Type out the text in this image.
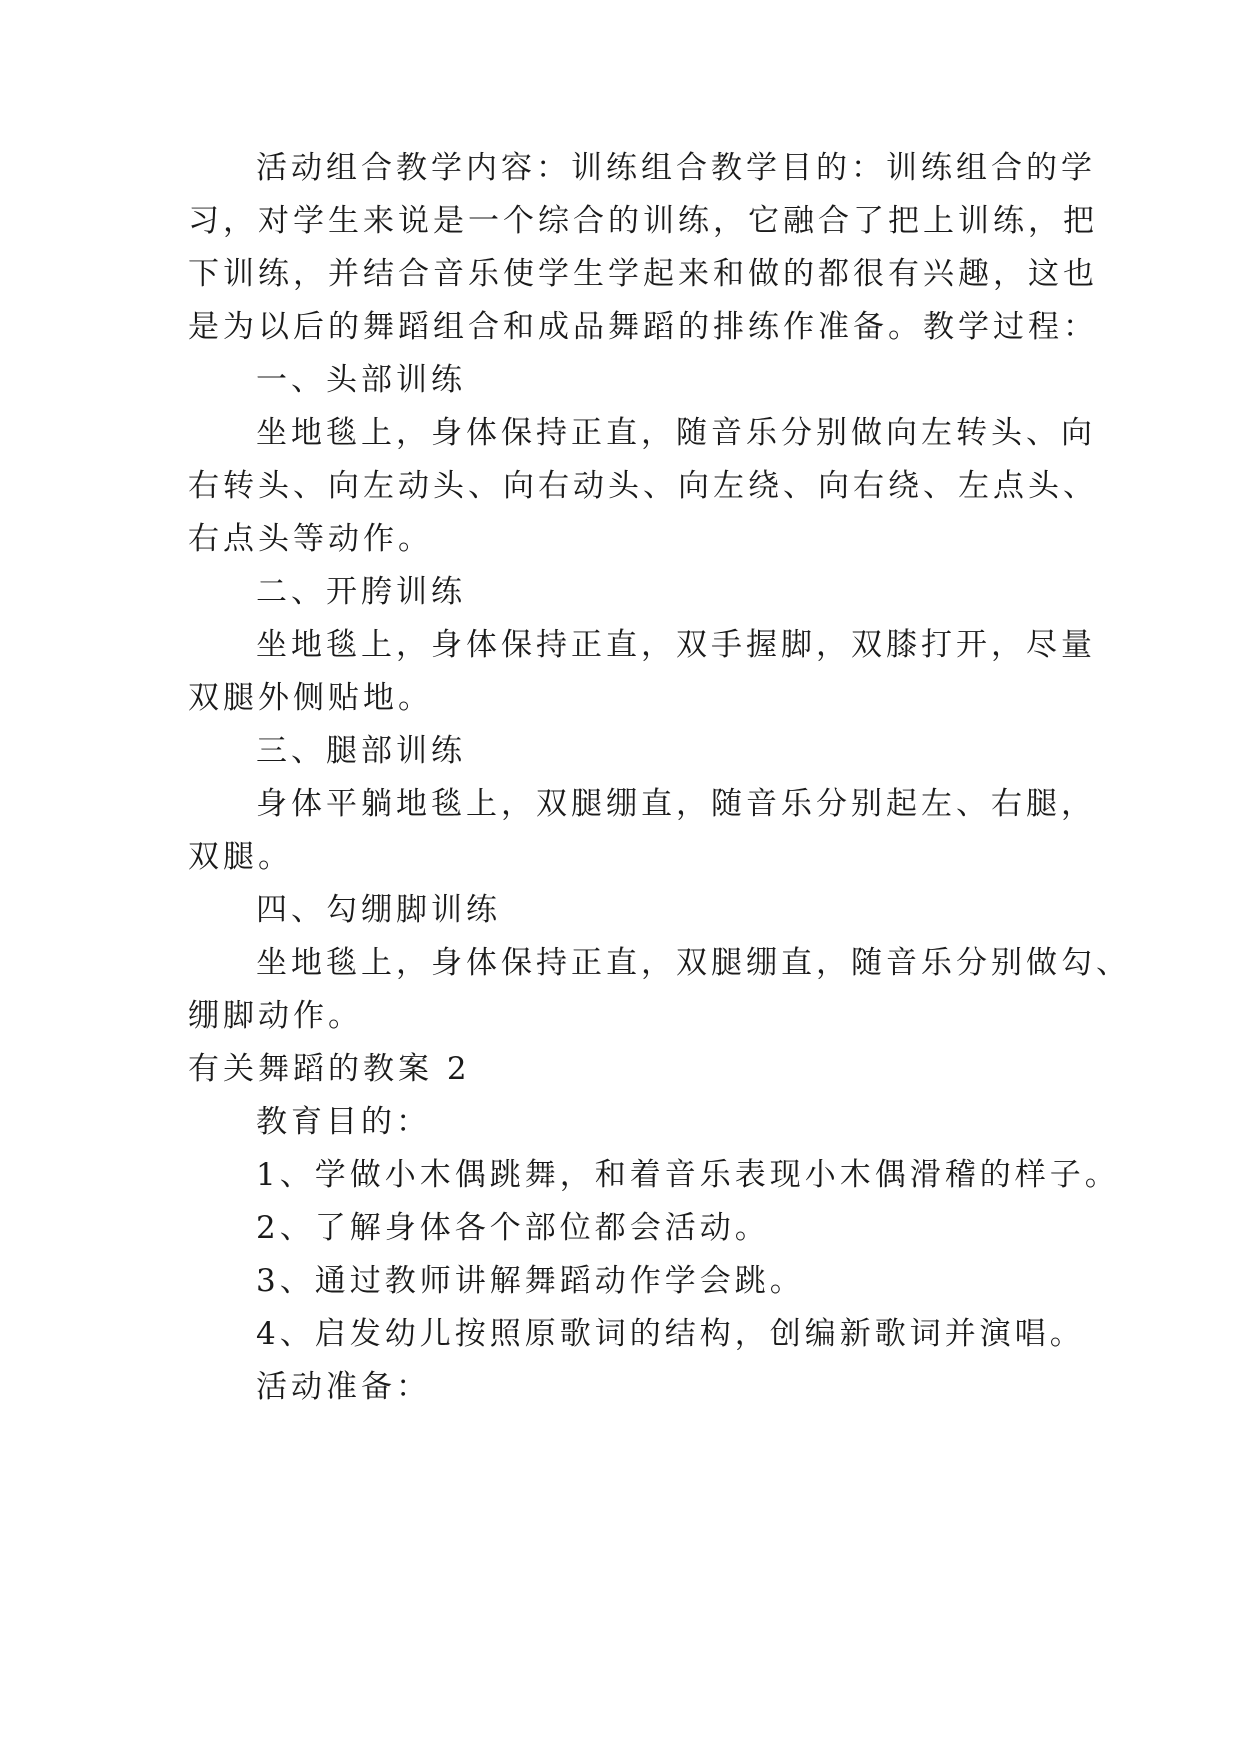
活动组合教学内容：训练组合教学目的：训练组合的学
习，对学生来说是一个综合的训练，它融合了把上训练，把
下训练，并结合音乐使学生学起来和做的都很有兴趣，这也
是为以后的舞蹈组合和成品舞蹈的排练作准备。教学过程：
一、头部训练
坐地毯上，身体保持正直，随音乐分别做向左转头、向
右转头、向左动头、向右动头、向左绕、向右绕、左点头、
右点头等动作。
二、开胯训练
坐地毯上，身体保持正直，双手握脚，双膝打开，尽量
双腿外侧贴地。
三、腿部训练
身体平躺地毯上，双腿绷直，随音乐分别起左、右腿，
双腿。
四、勾绷脚训练
坐地毯上，身体保持正直，双腿绷直，随音乐分别做勾、
绷脚动作。
有关舞蹈的教案 2
教育目的：
1、学做小木偶跳舞，和着音乐表现小木偶滑稽的样子。
2、了解身体各个部位都会活动。
3、通过教师讲解舞蹈动作学会跳。
4、启发幼儿按照原歌词的结构，创编新歌词并演唱。
活动准备：
